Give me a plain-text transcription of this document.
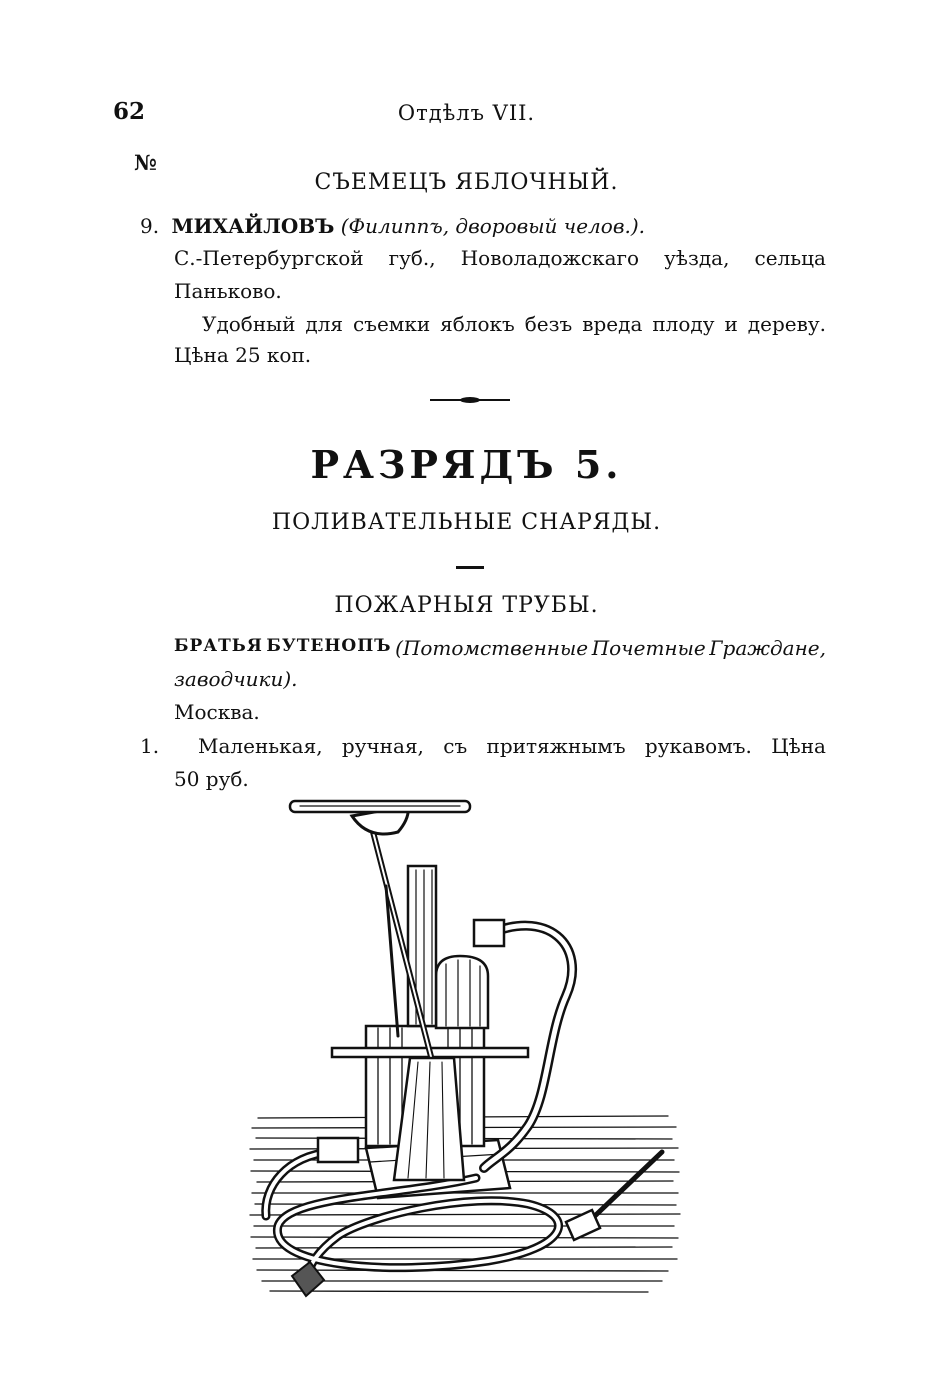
62	Отдѣлъ VII.
№
СЪЕМЕЦЪ ЯБЛОЧНЫЙ.
9. МИХАЙЛОВЪ (Филиппъ, дворовый челов.).
С.-Петербургской губ., Новоладожскаго уѣзда, сельца
Паньково.
Удобный для съемки яблокъ безъ вреда плоду и дереву.
Цѣна 25 коп.
РАЗРЯДЪ 5.
ПОЛИВАТЕЛЬНЫЕ СНАРЯДЫ.
ПОЖАРНЫЯ ТРУБЫ.
БРАТЬЯ БУТЕНОПЪ (Потомственные Почетные Граждане,
заводчики).
Москва.
1. Маленькая, ручная, съ притяжнымъ рукавомъ. Цѣна
50 руб.
